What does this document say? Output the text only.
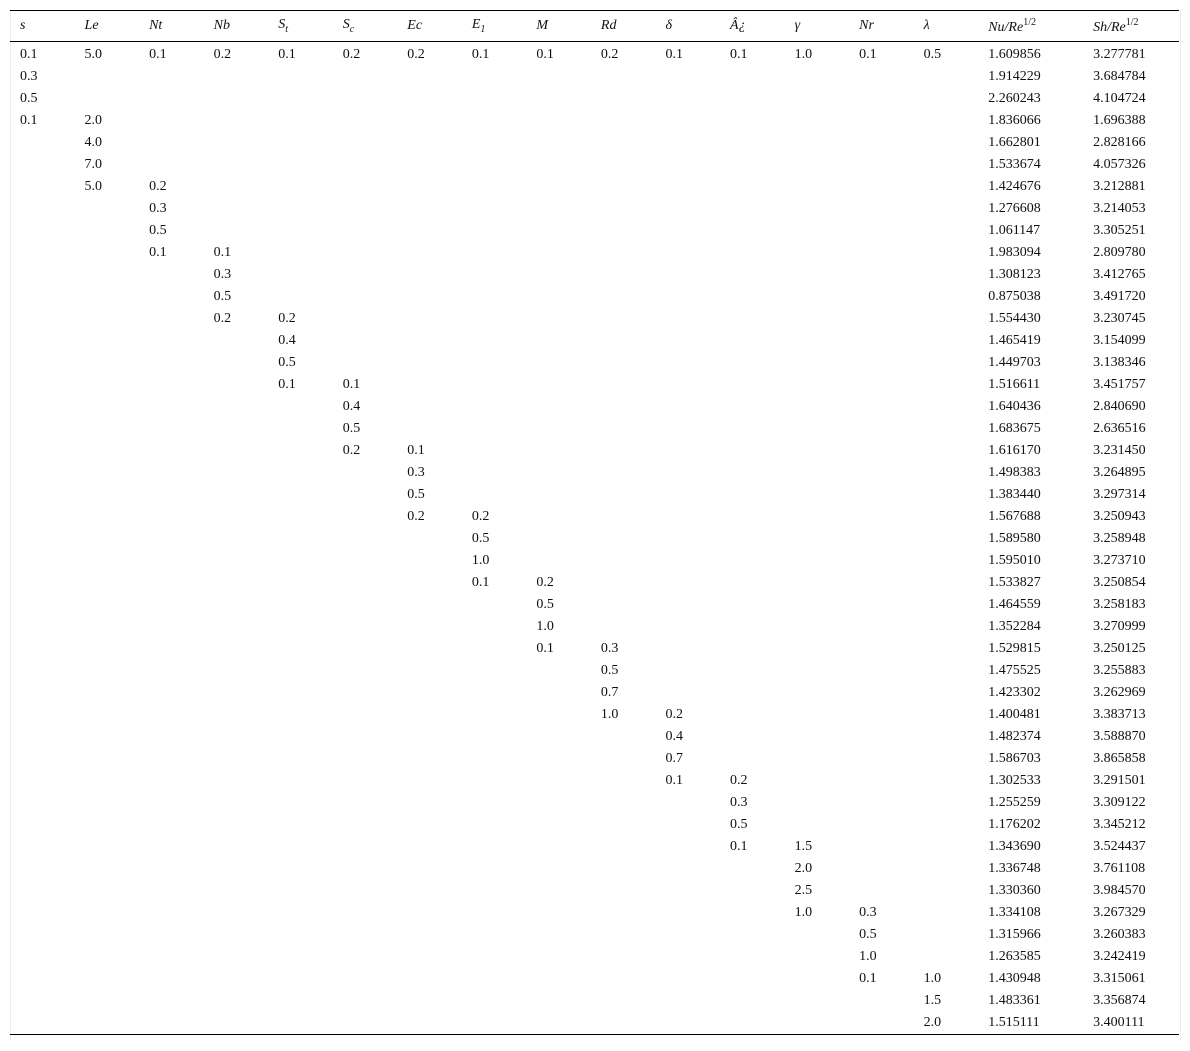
s	Le	Nt	Nb	$S_t$	$S_c$	Ec	$E_1$	M	Rd	δ	Â¿	γ	Nr	λ	$Nu/Re^{1/2}$	$Sh/Re^{1/2}$
0.1	5.0	0.1	0.2	0.1	0.2	0.2	0.1	0.1	0.2	0.1	0.1	1.0	0.1	0.5	1.609856	3.277781
0.3															1.914229	3.684784
0.5															2.260243	4.104724
0.1	2.0														1.836066	1.696388
	4.0														1.662801	2.828166
	7.0														1.533674	4.057326
	5.0	0.2													1.424676	3.212881
		0.3													1.276608	3.214053
		0.5													1.061147	3.305251
		0.1	0.1												1.983094	2.809780
			0.3												1.308123	3.412765
			0.5												0.875038	3.491720
			0.2	0.2											1.554430	3.230745
				0.4											1.465419	3.154099
				0.5											1.449703	3.138346
				0.1	0.1										1.516611	3.451757
					0.4										1.640436	2.840690
					0.5										1.683675	2.636516
					0.2	0.1									1.616170	3.231450
						0.3									1.498383	3.264895
						0.5									1.383440	3.297314
						0.2	0.2								1.567688	3.250943
							0.5								1.589580	3.258948
							1.0								1.595010	3.273710
							0.1	0.2							1.533827	3.250854
								0.5							1.464559	3.258183
								1.0							1.352284	3.270999
								0.1	0.3						1.529815	3.250125
									0.5						1.475525	3.255883
									0.7						1.423302	3.262969
									1.0	0.2					1.400481	3.383713
										0.4					1.482374	3.588870
										0.7					1.586703	3.865858
										0.1	0.2				1.302533	3.291501
											0.3				1.255259	3.309122
											0.5				1.176202	3.345212
											0.1	1.5			1.343690	3.524437
												2.0			1.336748	3.761108
												2.5			1.330360	3.984570
												1.0	0.3		1.334108	3.267329
													0.5		1.315966	3.260383
													1.0		1.263585	3.242419
													0.1	1.0	1.430948	3.315061
														1.5	1.483361	3.356874
														2.0	1.515111	3.400111
